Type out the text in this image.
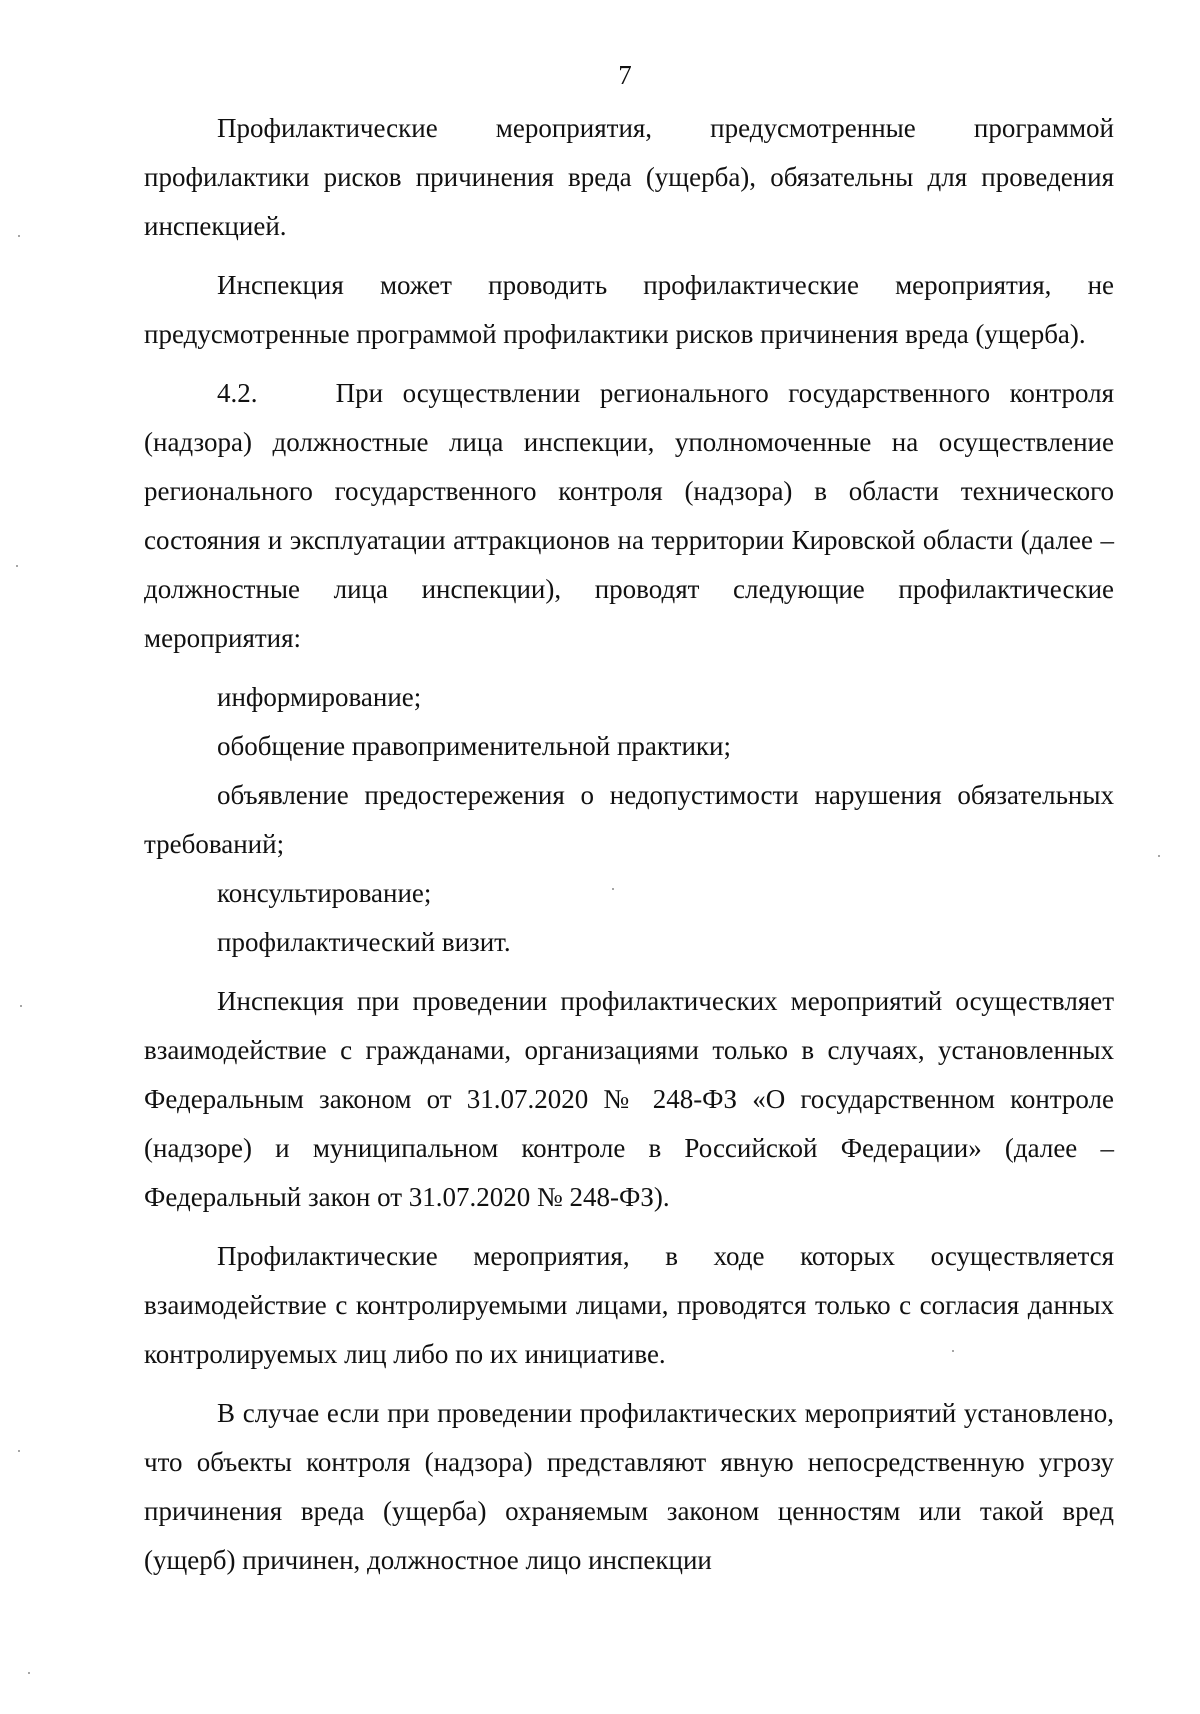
7

Профилактические мероприятия, предусмотренные программой профилактики рисков причинения вреда (ущерба), обязательны для проведения инспекцией.

Инспекция может проводить профилактические мероприятия, не предусмотренные программой профилактики рисков причинения вреда (ущерба).

4.2.    При осуществлении регионального государственного контроля (надзора) должностные лица инспекции, уполномоченные на осуществление регионального государственного контроля (надзора) в области технического состояния и эксплуатации аттракционов на территории Кировской области (далее – должностные лица инспекции), проводят следующие профилактические мероприятия:

информирование;

обобщение правоприменительной практики;

объявление предостережения о недопустимости нарушения обязательных требований;

консультирование;

профилактический визит.

Инспекция при проведении профилактических мероприятий осуществляет взаимодействие с гражданами, организациями только в случаях, установленных Федеральным законом от 31.07.2020 № 248-ФЗ «О государственном контроле (надзоре) и муниципальном контроле в Российской Федерации» (далее – Федеральный закон от 31.07.2020 № 248-ФЗ).

Профилактические мероприятия, в ходе которых осуществляется взаимодействие с контролируемыми лицами, проводятся только с согласия данных контролируемых лиц либо по их инициативе.

В случае если при проведении профилактических мероприятий установлено, что объекты контроля (надзора) представляют явную непосредственную угрозу причинения вреда (ущерба) охраняемым законом ценностям или такой вред (ущерб) причинен, должностное лицо инспекции
